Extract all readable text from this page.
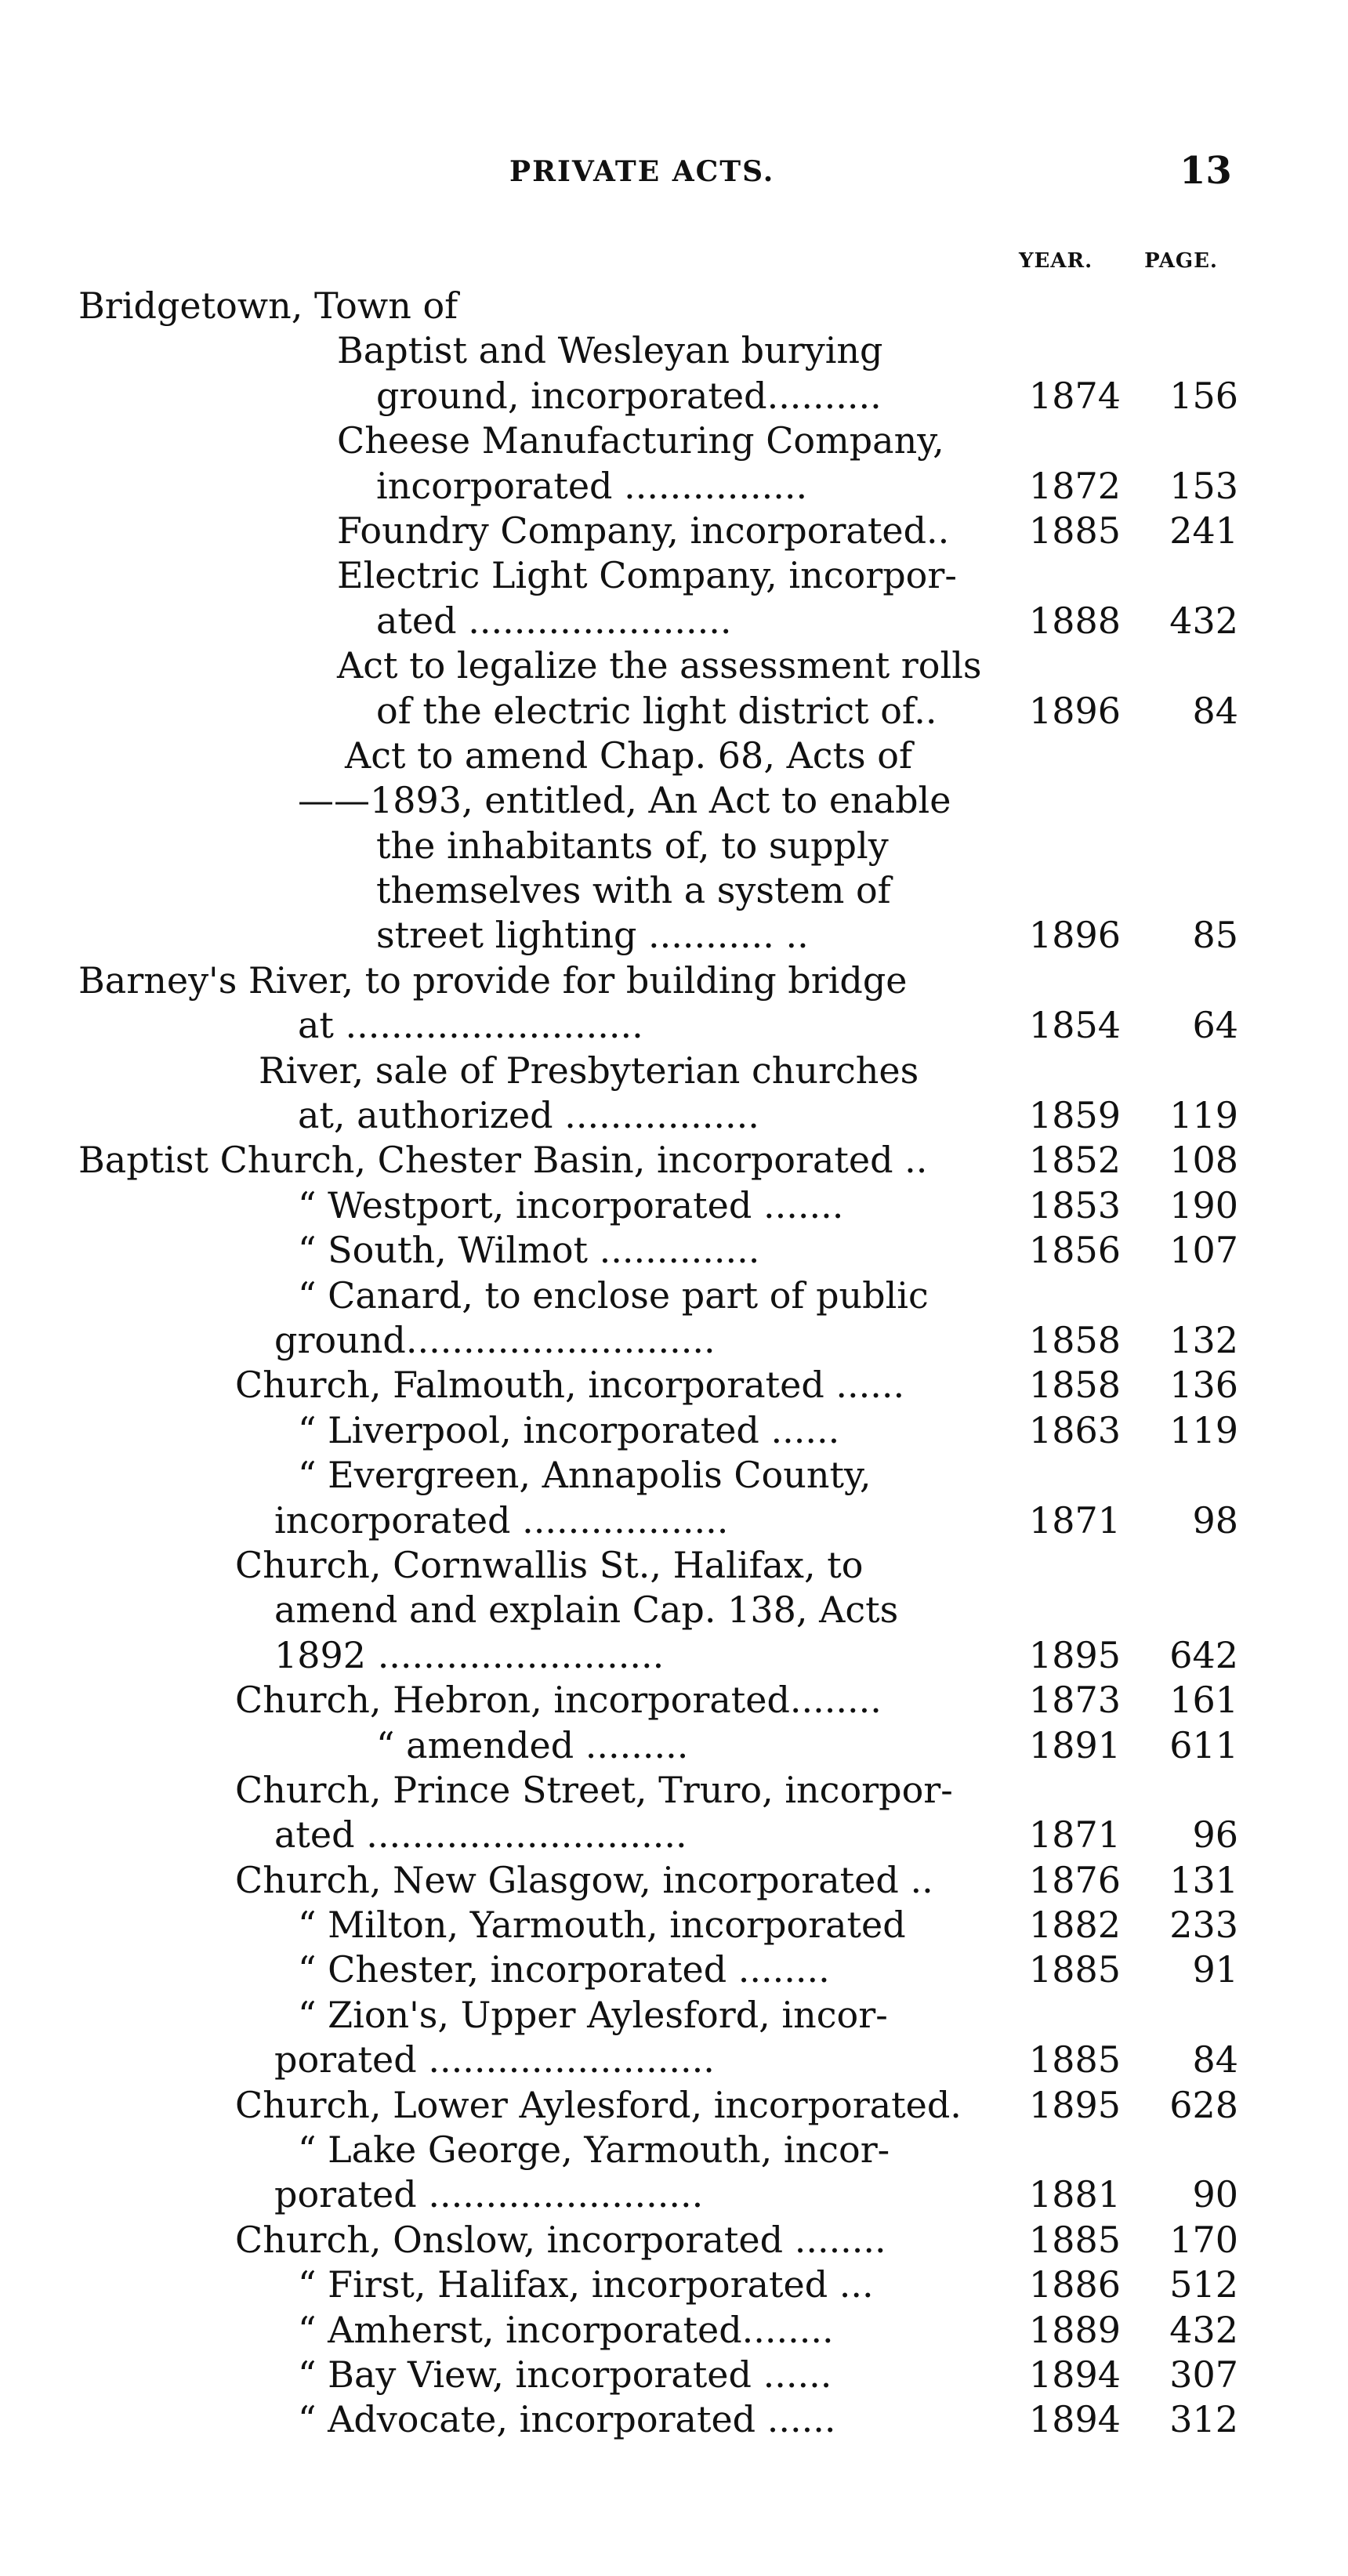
PRIVATE ACTS.	13
YEAR.	PAGE.
Bridgetown, Town of
Baptist and Wesleyan burying
ground, incorporated..........	1874	156
Cheese Manufacturing Company,
incorporated ................	1872	153
Foundry Company, incorporated.. 1885	241
Electric Light Company, incorpor-
ated .......................	1888	432
Act to legalize the assessment rolls
of the electric light district of..	1896	84
Act to amend Chap. 68, Acts of
——1893, entitled, An Act to enable
the inhabitants of, to supply
themselves with a system of
street lighting ........... ..	1896	85
Barney's River, to provide for building bridge
at ..........................	1854	64
River, sale of Presbyterian churches
at, authorized .................	1859	119
Baptist Church, Chester Basin, incorporated ..	1852	108
“ Westport, incorporated .......	1853	190
“ South, Wilmot ..............	1856	107
“ Canard, to enclose part of public
ground...........................	1858	132
Church, Falmouth, incorporated ......	1858	136
“ Liverpool, incorporated ......	1863	119
“ Evergreen, Annapolis County,
incorporated ..................	1871	98
Church, Cornwallis St., Halifax, to
amend and explain Cap. 138, Acts
1892 .........................	1895	642
Church, Hebron, incorporated........	1873	161
“ amended .........	1891	611
Church, Prince Street, Truro, incorpor-
ated ............................	1871	96
Church, New Glasgow, incorporated ..	1876	131
“ Milton, Yarmouth, incorporated	1882	233
“ Chester, incorporated ........	1885	91
“ Zion's, Upper Aylesford, incor-
porated .........................	1885	84
Church, Lower Aylesford, incorporated. 1895	628
“ Lake George, Yarmouth, incor-
porated ........................	1881	90
Church, Onslow, incorporated ........	1885	170
“ First, Halifax, incorporated ...	1886	512
“ Amherst, incorporated........	1889	432
“ Bay View, incorporated ......	1894	307
“ Advocate, incorporated ......	1894	312
